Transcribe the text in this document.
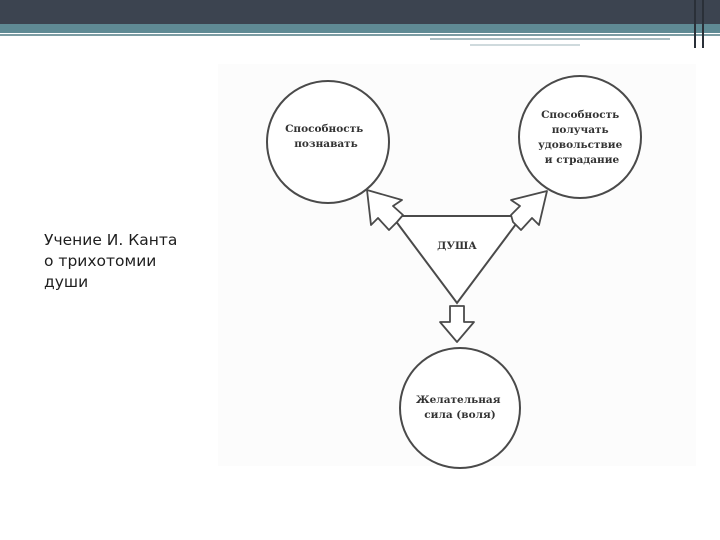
Учение И. Канта
о трихотомии
души

ДУША
Способность познавать
Способность получать удовольствие и страдание
Желательная сила (воля)
